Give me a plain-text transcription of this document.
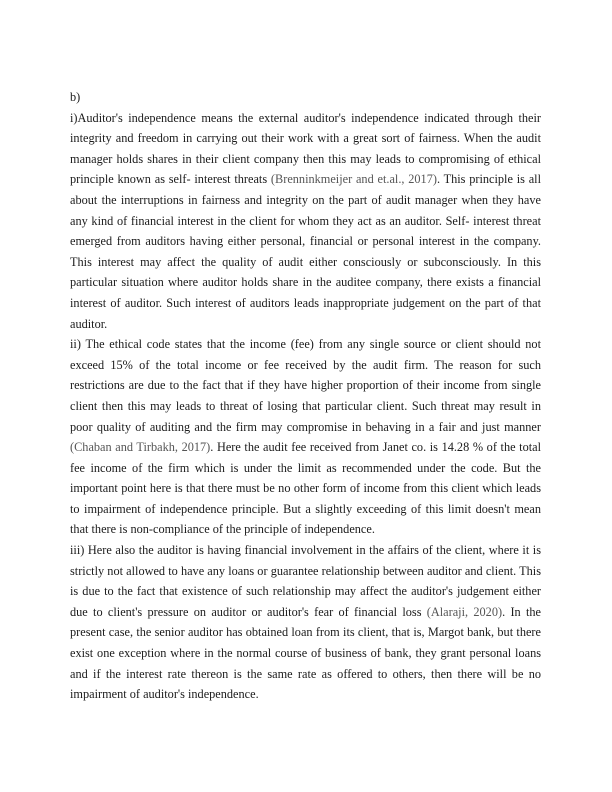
b)

i)Auditor's independence means the external auditor's independence indicated through their integrity and freedom in carrying out their work with a great sort of fairness. When the audit manager holds shares in their client company then this may leads to compromising of ethical principle known as self- interest threats (Brenninkmeijer and et.al., 2017). This principle is all about the interruptions in fairness and integrity on the part of audit manager when they have any kind of financial interest in the client for whom they act as an auditor. Self- interest threat emerged from auditors having either personal, financial or personal interest in the company. This interest may affect the quality of audit either consciously or subconsciously. In this particular situation where auditor holds share in the auditee company, there exists a financial interest of auditor. Such interest of auditors leads inappropriate judgement on the part of that auditor.

ii) The ethical code states that the income (fee) from any single source or client should not exceed 15% of the total income or fee received by the audit firm. The reason for such restrictions are due to the fact that if they have higher proportion of their income from single client then this may leads to threat of losing that particular client. Such threat may result in poor quality of auditing and the firm may compromise in behaving in a fair and just manner (Chaban and Tirbakh, 2017). Here the audit fee received from Janet co. is 14.28 % of the total fee income of the firm which is under the limit as recommended under the code. But the important point here is that there must be no other form of income from this client which leads to impairment of independence principle. But a slightly exceeding of this limit doesn't mean that there is non-compliance of the principle of independence.

iii) Here also the auditor is having financial involvement in the affairs of the client, where it is strictly not allowed to have any loans or guarantee relationship between auditor and client. This is due to the fact that existence of such relationship may affect the auditor's judgement either due to client's pressure on auditor or auditor's fear of financial loss (Alaraji, 2020). In the present case, the senior auditor has obtained loan from its client, that is, Margot bank, but there exist one exception where in the normal course of business of bank, they grant personal loans and if the interest rate thereon is the same rate as offered to others, then there will be no impairment of auditor's independence.
